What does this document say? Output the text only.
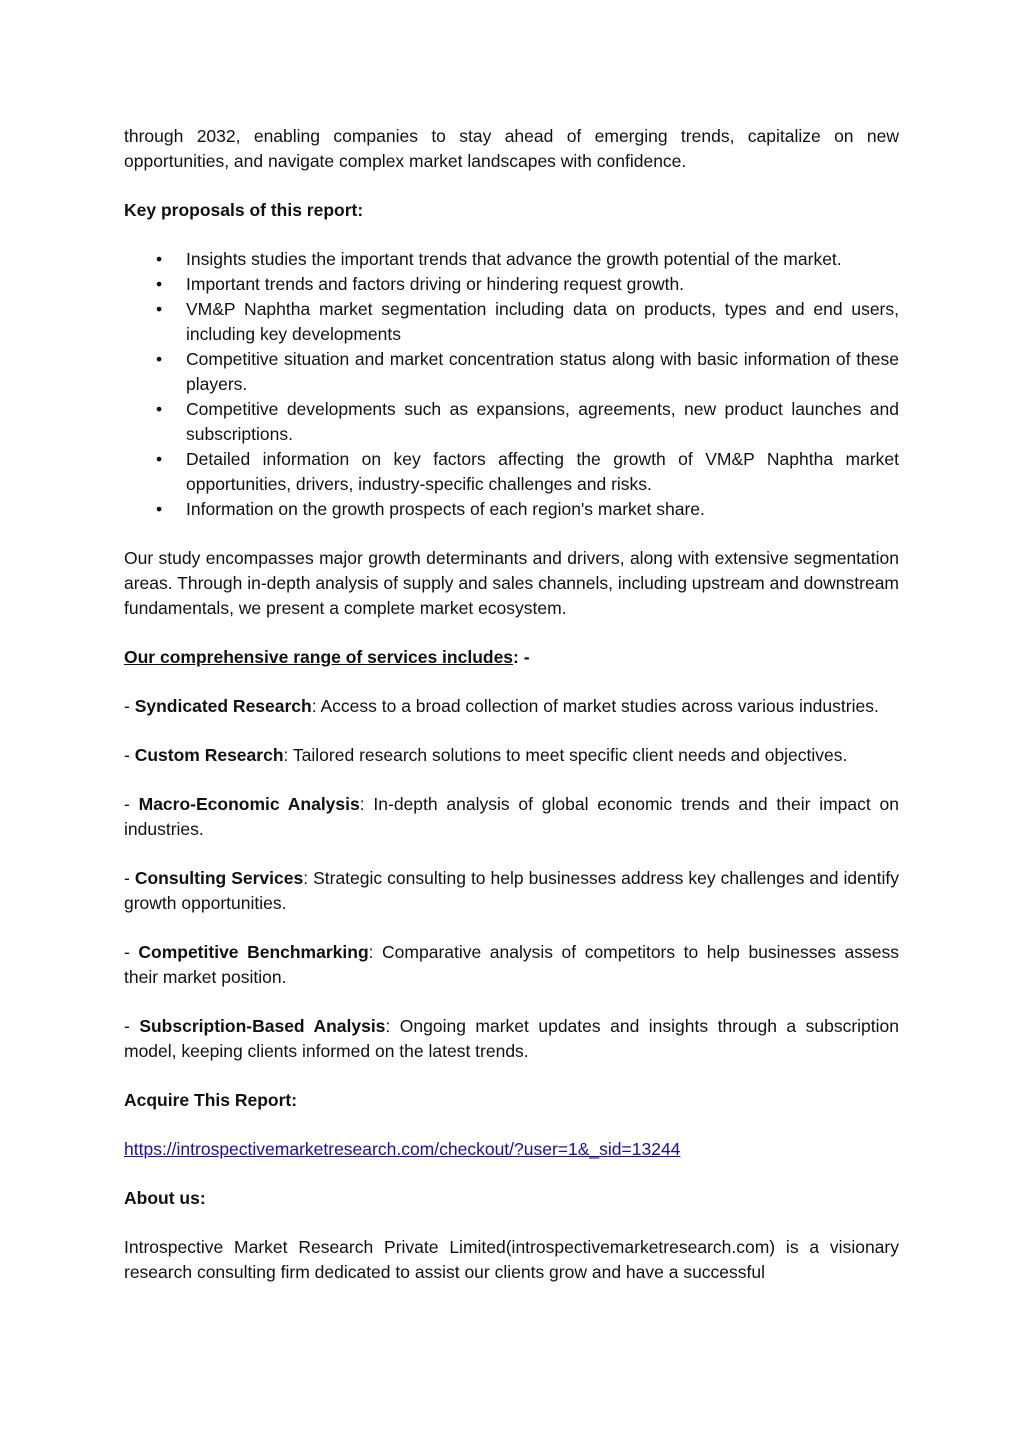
through 2032, enabling companies to stay ahead of emerging trends, capitalize on new opportunities, and navigate complex market landscapes with confidence.

Key proposals of this report:

• Insights studies the important trends that advance the growth potential of the market.
• Important trends and factors driving or hindering request growth.
• VM&P Naphtha market segmentation including data on products, types and end users, including key developments
• Competitive situation and market concentration status along with basic information of these players.
• Competitive developments such as expansions, agreements, new product launches and subscriptions.
• Detailed information on key factors affecting the growth of VM&P Naphtha market opportunities, drivers, industry-specific challenges and risks.
• Information on the growth prospects of each region's market share.

Our study encompasses major growth determinants and drivers, along with extensive segmentation areas. Through in-depth analysis of supply and sales channels, including upstream and downstream fundamentals, we present a complete market ecosystem.

Our comprehensive range of services includes: -

- Syndicated Research: Access to a broad collection of market studies across various industries.

- Custom Research: Tailored research solutions to meet specific client needs and objectives.

- Macro-Economic Analysis: In-depth analysis of global economic trends and their impact on industries.

- Consulting Services: Strategic consulting to help businesses address key challenges and identify growth opportunities.

- Competitive Benchmarking: Comparative analysis of competitors to help businesses assess their market position.

- Subscription-Based Analysis: Ongoing market updates and insights through a subscription model, keeping clients informed on the latest trends.

Acquire This Report:

https://introspectivemarketresearch.com/checkout/?user=1&_sid=13244

About us:

Introspective Market Research Private Limited(introspectivemarketresearch.com) is a visionary research consulting firm dedicated to assist our clients grow and have a successful
